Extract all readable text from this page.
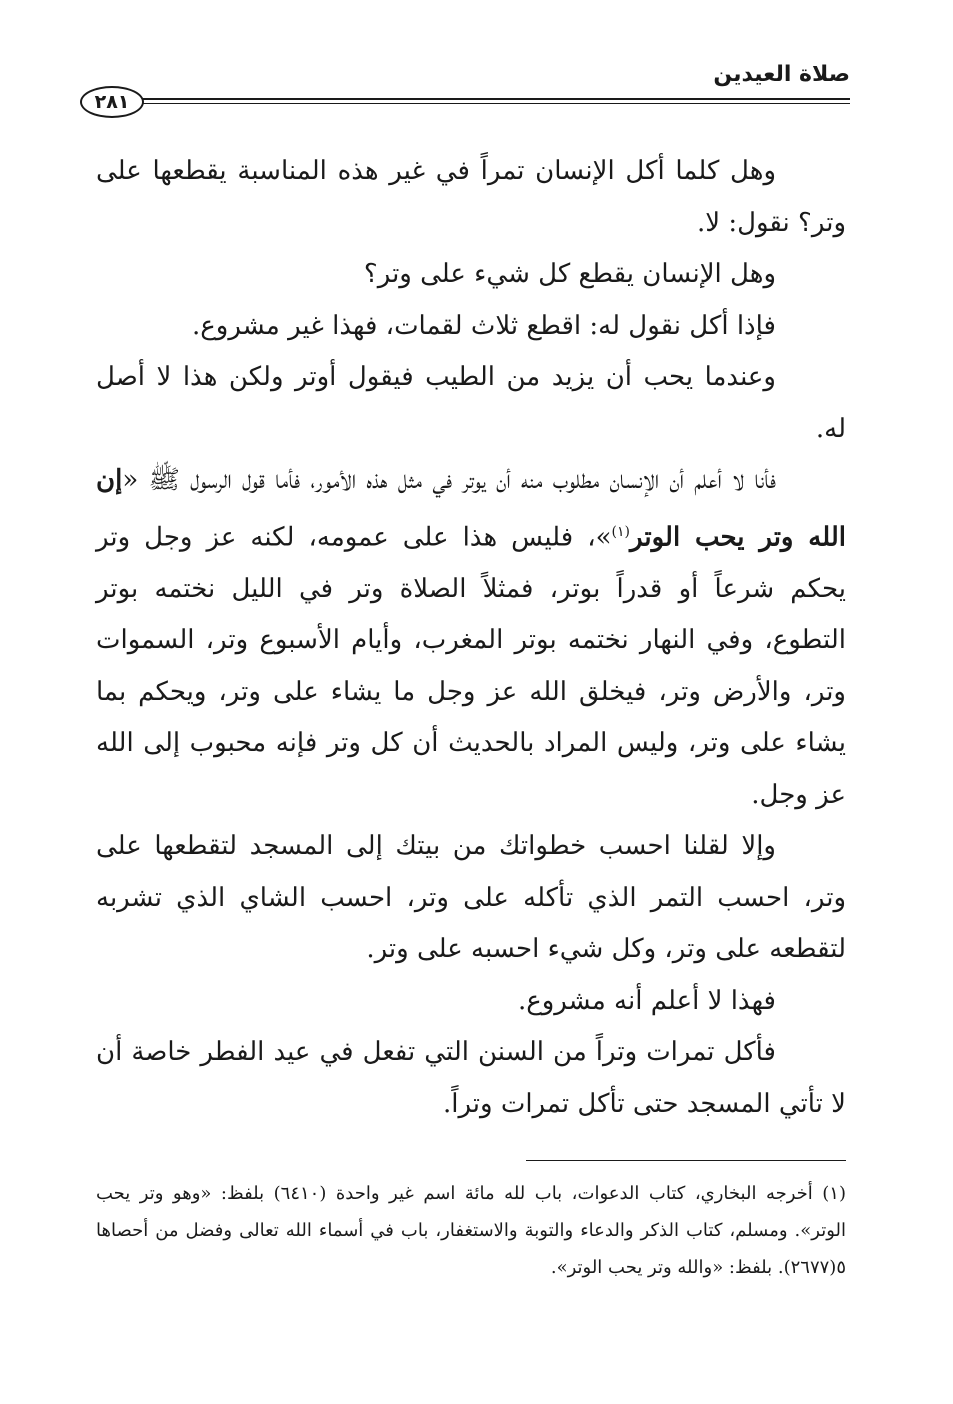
صلاة العيدين
٢٨١

وهل كلما أكل الإنسان تمراً في غير هذه المناسبة يقطعها على وتر؟ نقول: لا.

وهل الإنسان يقطع كل شيء على وتر؟

فإذا أكل نقول له: اقطع ثلاث لقمات، فهذا غير مشروع.

وعندما يحب أن يزيد من الطيب فيقول أوتر ولكن هذا لا أصل له.

فأنا لا أعلم أن الإنسان مطلوب منه أن يوتر في مثل هذه الأمور، فأما قول الرسول ﷺ «إن الله وتر يحب الوتر$^{(١)}$»، فليس هذا على عمومه، لكنه عز وجل وتر يحكم شرعاً أو قدراً بوتر، فمثلاً الصلاة وتر في الليل نختمه بوتر التطوع، وفي النهار نختمه بوتر المغرب، وأيام الأسبوع وتر، السموات وتر، والأرض وتر، فيخلق الله عز وجل ما يشاء على وتر، ويحكم بما يشاء على وتر، وليس المراد بالحديث أن كل وتر فإنه محبوب إلى الله عز وجل.

وإلا لقلنا احسب خطواتك من بيتك إلى المسجد لتقطعها على وتر، احسب التمر الذي تأكله على وتر، احسب الشاي الذي تشربه لتقطعه على وتر، وكل شيء احسبه على وتر.

فهذا لا أعلم أنه مشروع.

فأكل تمرات وتراً من السنن التي تفعل في عيد الفطر خاصة أن لا تأتي المسجد حتى تأكل تمرات وتراً.

(١) أخرجه البخاري، كتاب الدعوات، باب لله مائة اسم غير واحدة (٦٤١٠) بلفظ: «وهو وتر يحب الوتر». ومسلم، كتاب الذكر والدعاء والتوبة والاستغفار، باب في أسماء الله تعالى وفضل من أحصاها ٥(٢٦٧٧). بلفظ: «والله وتر يحب الوتر».
